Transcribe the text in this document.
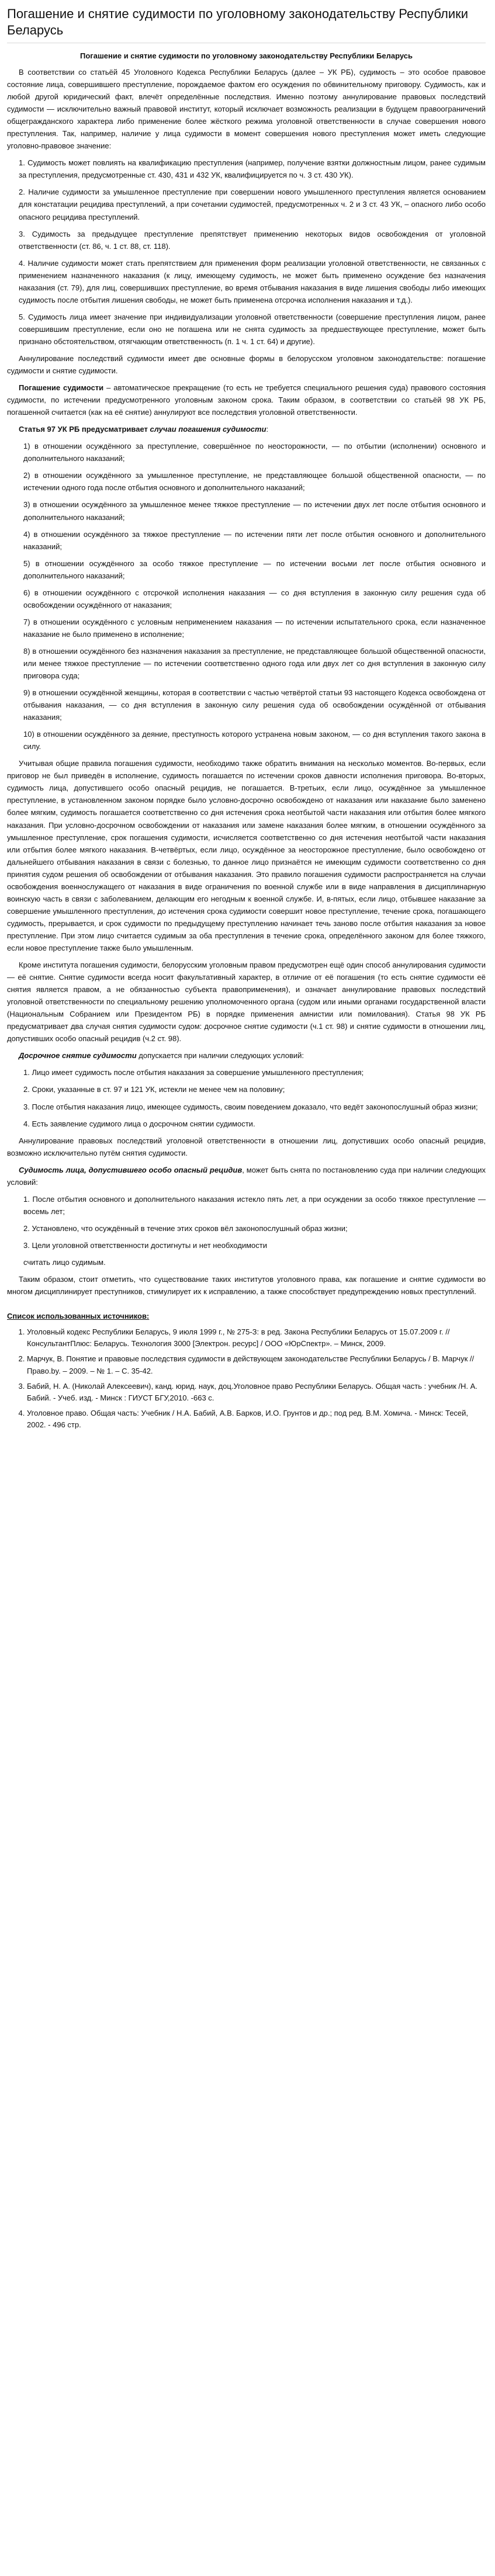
Погашение и снятие судимости по уголовному законодательству Республики Беларусь
Погашение и снятие судимости по уголовному законодательству Республики Беларусь
В соответствии со статьёй 45 Уголовного Кодекса Республики Беларусь (далее – УК РБ), судимость – это особое правовое состояние лица, совершившего преступление, порождаемое фактом его осуждения по обвинительному приговору. Судимость, как и любой другой юридический факт, влечёт определённые последствия. Именно поэтому аннулирование правовых последствий судимости — исключительно важный правовой институт, который исключает возможность реализации в будущем правоограничений общегражданского характера либо применение более жёсткого режима уголовной ответственности в случае совершения нового преступления. Так, например, наличие у лица судимости в момент совершения нового преступления может иметь следующие уголовно-правовое значение:
1. Судимость может повлиять на квалификацию преступления (например, получение взятки должностным лицом, ранее судимым за преступления, предусмотренные ст. 430, 431 и 432 УК, квалифицируется по ч. 3 ст. 430 УК).
2. Наличие судимости за умышленное преступление при совершении нового умышленного преступления является основанием для констатации рецидива преступлений, а при сочетании судимостей, предусмотренных ч. 2 и 3 ст. 43 УК, – опасного либо особо опасного рецидива преступлений.
3. Судимость за предыдущее преступление препятствует применению некоторых видов освобождения от уголовной ответственности (ст. 86, ч. 1 ст. 88, ст. 118).
4. Наличие судимости может стать препятствием для применения форм реализации уголовной ответственности, не связанных с применением назначенного наказания (к лицу, имеющему судимость, не может быть применено осуждение без назначения наказания (ст. 79), для лиц, совершивших преступление, во время отбывания наказания в виде лишения свободы либо имеющих судимость после отбытия лишения свободы, не может быть применена отсрочка исполнения наказания и т.д.).
5. Судимость лица имеет значение при индивидуализации уголовной ответственности (совершение преступления лицом, ранее совершившим преступление, если оно не погашена или не снята судимость за предшествующее преступление, может быть признано обстоятельством, отягчающим ответственность (п. 1 ч. 1 ст. 64) и другие).
Аннулирование последствий судимости имеет две основные формы в белорусском уголовном законодательстве: погашение судимости и снятие судимости.
Погашение судимости – автоматическое прекращение (то есть не требуется специального решения суда) правового состояния судимости, по истечении предусмотренного уголовным законом срока. Таким образом, в соответствии со статьёй 98 УК РБ, погашенной считается (как на её снятие) аннулируют все последствия уголовной ответственности.
Статья 97 УК РБ предусматривает случаи погашения судимости:
1) в отношении осуждённого за преступление, совершённое по неосторожности, — по отбытии (исполнении) основного и дополнительного наказаний;
2) в отношении осуждённого за умышленное преступление, не представляющее большой общественной опасности, — по истечении одного года после отбытия основного и дополнительного наказаний;
3) в отношении осуждённого за умышленное менее тяжкое преступление — по истечении двух лет после отбытия основного и дополнительного наказаний;
4) в отношении осуждённого за тяжкое преступление — по истечении пяти лет после отбытия основного и дополнительного наказаний;
5) в отношении осуждённого за особо тяжкое преступление — по истечении восьми лет после отбытия основного и дополнительного наказаний;
6) в отношении осуждённого с отсрочкой исполнения наказания — со дня вступления в законную силу решения суда об освобождении осуждённого от наказания;
7) в отношении осуждённого с условным неприменением наказания — по истечении испытательного срока, если назначенное наказание не было применено в исполнение;
8) в отношении осуждённого без назначения наказания за преступление, не представляющее большой общественной опасности, или менее тяжкое преступление — по истечении соответственно одного года или двух лет со дня вступления в законную силу приговора суда;
9) в отношении осуждённой женщины, которая в соответствии с частью четвёртой статьи 93 настоящего Кодекса освобождена от отбывания наказания, — со дня вступления в законную силу решения суда об освобождении осуждённой от отбывания наказания;
10) в отношении осуждённого за деяние, преступность которого устранена новым законом, — со дня вступления такого закона в силу.
Учитывая общие правила погашения судимости, необходимо также обратить внимания на несколько моментов. Во-первых, если приговор не был приведён в исполнение, судимость погашается по истечении сроков давности исполнения приговора. Во-вторых, судимость лица, допустившего особо опасный рецидив, не погашается. В-третьих, если лицо, осуждённое за умышленное преступление, в установленном законом порядке было условно-досрочно освобождено от наказания или наказание было заменено более мягким, судимость погашается соответственно со дня истечения срока неотбытой части наказания или отбытия более мягкого наказания. При условно-досрочном освобождении от наказания или замене наказания более мягким, в отношении осуждённого за умышленное преступление, срок погашения судимости, исчисляется соответственно со дня истечения неотбытой части наказания или отбытия более мягкого наказания. В-четвёртых, если лицо, осуждённое за неосторожное преступление, было освобождено от дальнейшего отбывания наказания в связи с болезнью, то данное лицо признаётся не имеющим судимости соответственно со дня принятия судом решения об освобождении от отбывания наказания. Это правило погашения судимости распространяется на случаи освобождения военнослужащего от наказания в виде ограничения по военной службе или в виде направления в дисциплинарную воинскую часть в связи с заболеванием, делающим его негодным к военной службе. И, в-пятых, если лицо, отбывшее наказание за совершение умышленного преступления, до истечения срока судимости совершит новое преступление, течение срока, погашающего судимость, прерывается, и срок судимости по предыдущему преступлению начинает течь заново после отбытия наказания за новое преступление. При этом лицо считается судимым за оба преступления в течение срока, определённого законом для более тяжкого, если новое преступление также было умышленным.
Кроме института погашения судимости, белорусским уголовным правом предусмотрен ещё один способ аннулирования судимости — её снятие. Снятие судимости всегда носит факультативный характер, в отличие от её погашения (то есть снятие судимости её снятия является правом, а не обязанностью субъекта правоприменения), и означает аннулирование правовых последствий уголовной ответственности по специальному решению уполномоченного органа (судом или иными органами государственной власти (Национальным Собранием или Президентом РБ) в порядке применения амнистии или помилования). Статья 98 УК РБ предусматривает два случая снятия судимости судом: досрочное снятие судимости (ч.1 ст. 98) и снятие судимости в отношении лиц, допустивших особо опасный рецидив (ч.2 ст. 98).
Досрочное снятие судимости допускается при наличии следующих условий:
1. Лицо имеет судимость после отбытия наказания за совершение умышленного преступления;
2. Сроки, указанные в ст. 97 и 121 УК, истекли не менее чем на половину;
3. После отбытия наказания лицо, имеющее судимость, своим поведением доказало, что ведёт законопослушный образ жизни;
4. Есть заявление судимого лица о досрочном снятии судимости.
Аннулирование правовых последствий уголовной ответственности в отношении лиц, допустивших особо опасный рецидив, возможно исключительно путём снятия судимости.
Судимость лица, допустившего особо опасный рецидив, может быть снята по постановлению суда при наличии следующих условий:
1. После отбытия основного и дополнительного наказания истекло пять лет, а при осуждении за особо тяжкое преступление — восемь лет;
2. Установлено, что осуждённый в течение этих сроков вёл законопослушный образ жизни;
3. Цели уголовной ответственности достигнуты и нет необходимости
считать лицо судимым.
Таким образом, стоит отметить, что существование таких институтов уголовного права, как погашение и снятие судимости во многом дисциплинирует преступников, стимулирует их к исправлению, а также способствует предупреждению новых преступлений.
Список использованных источников:
1. Уголовный кодекс Республики Беларусь, 9 июля 1999 г., № 275-З: в ред. Закона Республики Беларусь от 15.07.2009 г. // КонсультантПлюс: Беларусь. Технология 3000 [Электрон. ресурс] / ООО «ЮрСпектр». – Минск, 2009.
2. Марчук, В. Понятие и правовые последствия судимости в действующем законодательстве Республики Беларусь / В. Марчук // Право.by. – 2009. – № 1. – С. 35-42.
3. Бабий, Н. А. (Николай Алексеевич), канд. юрид. наук, доц.Уголовное право Республики Беларусь. Общая часть : учебник /Н. А. Бабий. - Учеб. изд. - Минск : ГИУСТ БГУ,2010. -663 с.
4. Уголовное право. Общая часть: Учебник / Н.А. Бабий, А.В. Барков, И.О. Грунтов и др.; под ред. В.М. Хомича. - Минск: Тесей, 2002. - 496 стр.
